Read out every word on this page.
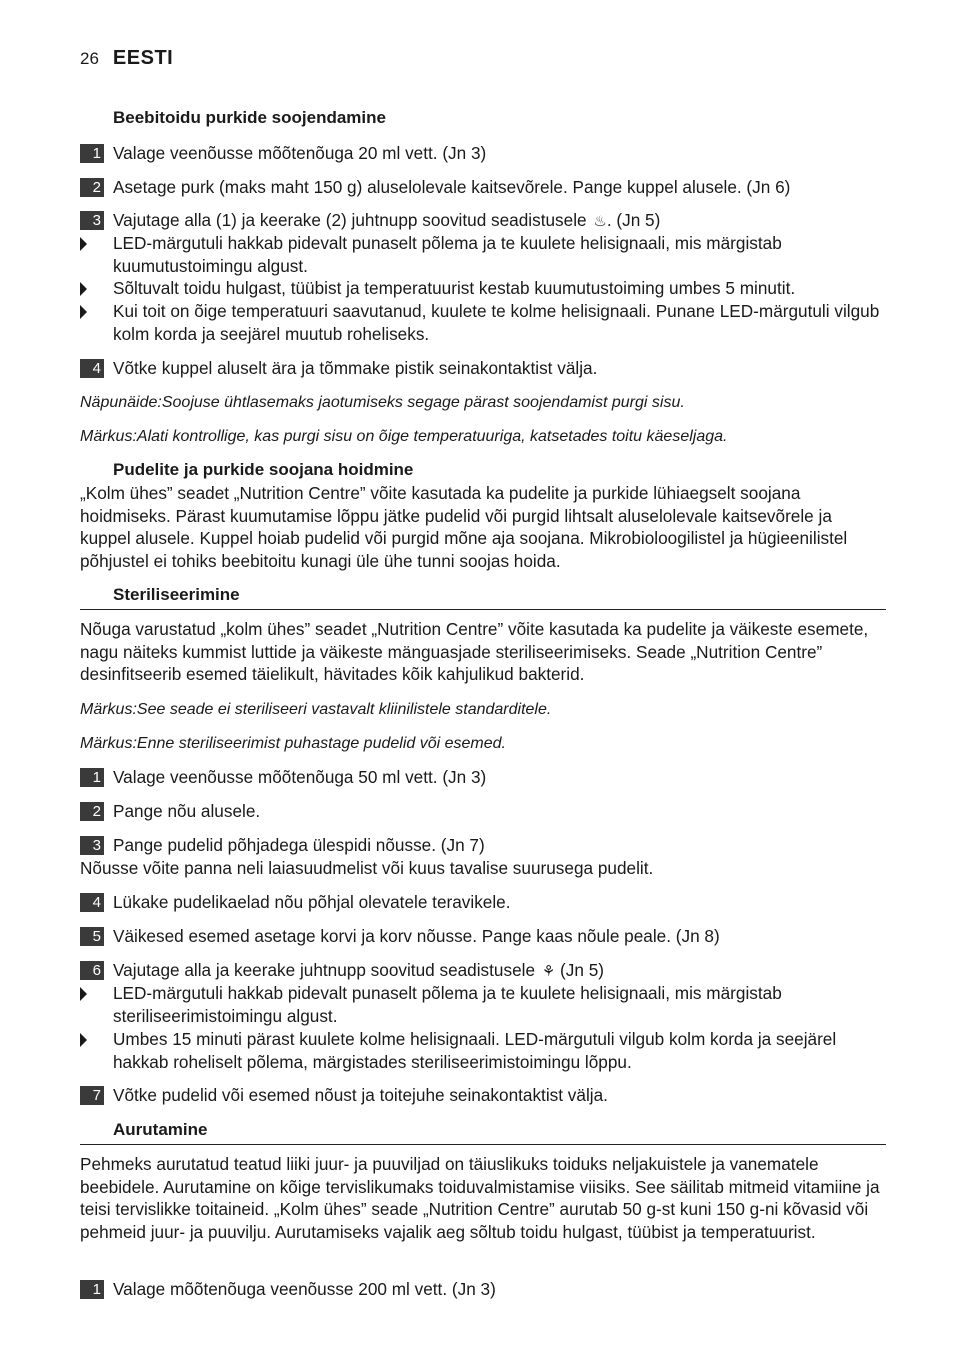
26 EESTI
Beebitoidu purkide soojendamine
1 Valage veenõusse mõõtenõuga 20 ml vett. (Jn 3)
2 Asetage purk (maks maht 150 g) aluselolevale kaitsevõrele. Pange kuppel alusele. (Jn 6)
3 Vajutage alla (1) ja keerake (2) juhtnupp soovitud seadistusele ♨. (Jn 5)
LED-märgutuli hakkab pidevalt punaselt põlema ja te kuulete helisignaali, mis märgistab kuumutustoimingu algust.
Sõltuvalt toidu hulgast, tüübist ja temperatuurist kestab kuumutustoiming umbes 5 minutit.
Kui toit on õige temperatuuri saavutanud, kuulete te kolme helisignaali. Punane LED-märgutuli vilgub kolm korda ja seejärel muutub roheliseks.
4 Võtke kuppel aluselt ära ja tõmmake pistik seinakontaktist välja.
Näpunäide:Soojuse ühtlasemaks jaotumiseks segage pärast soojendamist purgi sisu.
Märkus:Alati kontrollige, kas purgi sisu on õige temperatuuriga, katsetades toitu käeseljaga.
Pudelite ja purkide soojana hoidmine
„Kolm ühes” seadet „Nutrition Centre” võite kasutada ka pudelite ja purkide lühiaegselt soojana hoidmiseks. Pärast kuumutamise lõppu jätke pudelid või purgid lihtsalt aluselolevale kaitsevõrele ja kuppel alusele. Kuppel hoiab pudelid või purgid mõne aja soojana. Mikrobioloogilistel ja hügieenilistel põhjustel ei tohiks beebitoitu kunagi üle ühe tunni soojas hoida.
Steriliseerimine
Nõuga varustatud „kolm ühes” seadet „Nutrition Centre” võite kasutada ka pudelite ja väikeste esemete, nagu näiteks kummist luttide ja väikeste mänguasjade steriliseerimiseks. Seade „Nutrition Centre” desinfitseerib esemed täielikult, hävitades kõik kahjulikud bakterid.
Märkus:See seade ei steriliseeri vastavalt kliinilistele standarditele.
Märkus:Enne steriliseerimist puhastage pudelid või esemed.
1 Valage veenõusse mõõtenõuga 50 ml vett. (Jn 3)
2 Pange nõu alusele.
3 Pange pudelid põhjadega ülespidi nõusse. (Jn 7)
Nõusse võite panna neli laiasuudmelist või kuus tavalise suurusega pudelit.
4 Lükake pudelikaelad nõu põhjal olevatele teravikele.
5 Väikesed esemed asetage korvi ja korv nõusse. Pange kaas nõule peale. (Jn 8)
6 Vajutage alla ja keerake juhtnupp soovitud seadistusele ⚘ (Jn 5)
LED-märgutuli hakkab pidevalt punaselt põlema ja te kuulete helisignaali, mis märgistab steriliseerimistoimingu algust.
Umbes 15 minuti pärast kuulete kolme helisignaali. LED-märgutuli vilgub kolm korda ja seejärel hakkab roheliselt põlema, märgistades steriliseerimistoimingu lõppu.
7 Võtke pudelid või esemed nõust ja toitejuhe seinakontaktist välja.
Aurutamine
Pehmeks aurutatud teatud liiki juur- ja puuviljad on täiuslikuks toiduks neljakuistele ja vanematele beebidele. Aurutamine on kõige tervislikumaks toiduvalmistamise viisiks. See säilitab mitmeid vitamiine ja teisi tervislikke toitaineid. „Kolm ühes” seade „Nutrition Centre” aurutab 50 g-st kuni 150 g-ni kõvasid või pehmeid juur- ja puuvilju. Aurutamiseks vajalik aeg sõltub toidu hulgast, tüübist ja temperatuurist.
1 Valage mõõtenõuga veenõusse 200 ml vett. (Jn 3)
